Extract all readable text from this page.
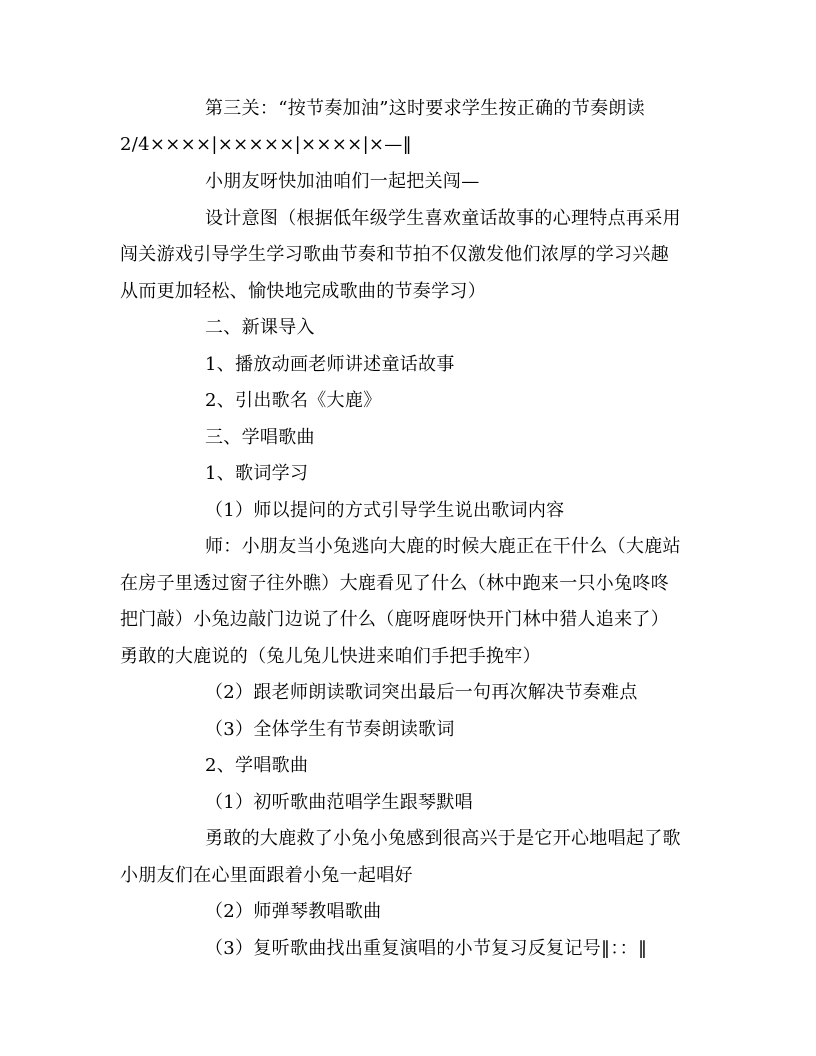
第三关：“按节奏加油”这时要求学生按正确的节奏朗读
2/4××××|×××××|××××|×—‖
小朋友呀快加油咱们一起把关闯—
设计意图（根据低年级学生喜欢童话故事的心理特点再采用
闯关游戏引导学生学习歌曲节奏和节拍不仅激发他们浓厚的学习兴趣
从而更加轻松、愉快地完成歌曲的节奏学习）
二、新课导入
1、播放动画老师讲述童话故事
2、引出歌名《大鹿》
三、学唱歌曲
1、歌词学习
（1）师以提问的方式引导学生说出歌词内容
师：小朋友当小兔逃向大鹿的时候大鹿正在干什么（大鹿站
在房子里透过窗子往外瞧）大鹿看见了什么（林中跑来一只小兔咚咚
把门敲）小兔边敲门边说了什么（鹿呀鹿呀快开门林中猎人追来了）
勇敢的大鹿说的（兔儿兔儿快进来咱们手把手挽牢）
（2）跟老师朗读歌词突出最后一句再次解决节奏难点
（3）全体学生有节奏朗读歌词
2、学唱歌曲
（1）初听歌曲范唱学生跟琴默唱
勇敢的大鹿救了小兔小兔感到很高兴于是它开心地唱起了歌
小朋友们在心里面跟着小兔一起唱好
（2）师弹琴教唱歌曲
（3）复听歌曲找出重复演唱的小节复习反复记号‖：：‖
